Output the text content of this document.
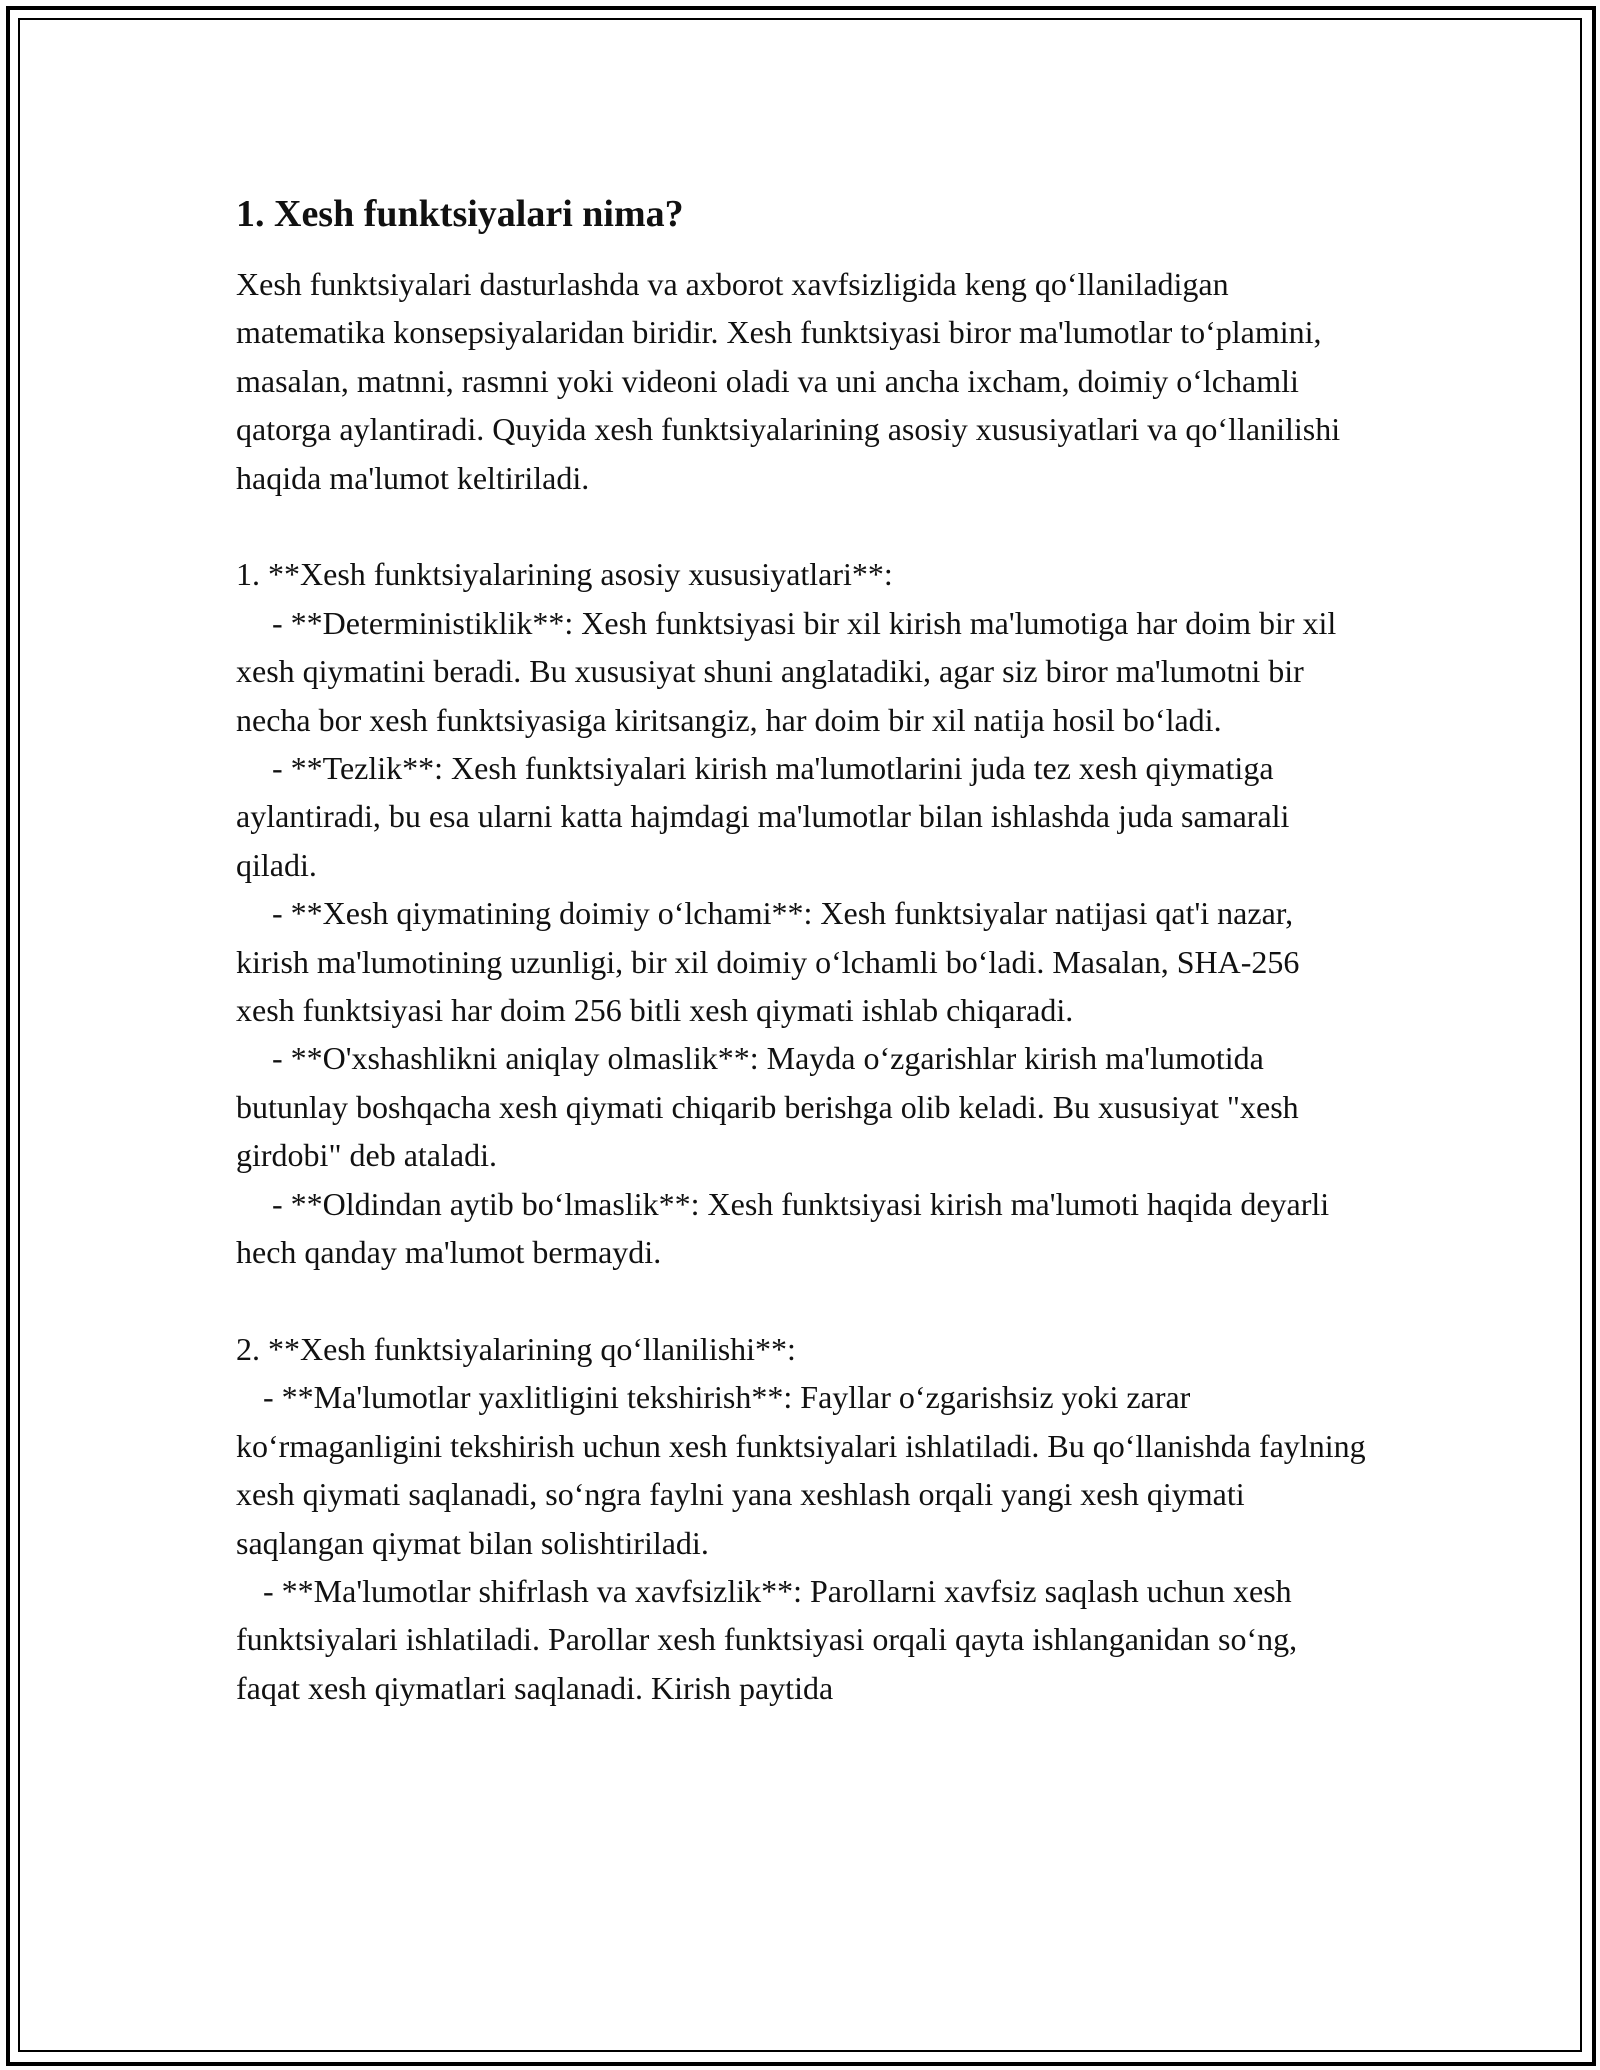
1. Xesh funktsiyalari nima?

Xesh funktsiyalari dasturlashda va axborot xavfsizligida keng qo‘llaniladigan matematika konsepsiyalaridan biridir. Xesh funktsiyasi biror ma'lumotlar to‘plamini, masalan, matnni, rasmni yoki videoni oladi va uni ancha ixcham, doimiy o‘lchamli qatorga aylantiradi. Quyida xesh funktsiyalarining asosiy xususiyatlari va qo‘llanilishi haqida ma'lumot keltiriladi.

1. **Xesh funktsiyalarining asosiy xususiyatlari**:
- **Deterministiklik**: Xesh funktsiyasi bir xil kirish ma'lumotiga har doim bir xil xesh qiymatini beradi. Bu xususiyat shuni anglatadiki, agar siz biror ma'lumotni bir necha bor xesh funktsiyasiga kiritsangiz, har doim bir xil natija hosil bo‘ladi.
- **Tezlik**: Xesh funktsiyalari kirish ma'lumotlarini juda tez xesh qiymatiga aylantiradi, bu esa ularni katta hajmdagi ma'lumotlar bilan ishlashda juda samarali qiladi.
- **Xesh qiymatining doimiy o‘lchami**: Xesh funktsiyalar natijasi qat'i nazar, kirish ma'lumotining uzunligi, bir xil doimiy o‘lchamli bo‘ladi. Masalan, SHA-256 xesh funktsiyasi har doim 256 bitli xesh qiymati ishlab chiqaradi.
- **O'xshashlikni aniqlay olmaslik**: Mayda o‘zgarishlar kirish ma'lumotida butunlay boshqacha xesh qiymati chiqarib berishga olib keladi. Bu xususiyat "xesh girdobi" deb ataladi.
- **Oldindan aytib bo‘lmaslik**: Xesh funktsiyasi kirish ma'lumoti haqida deyarli hech qanday ma'lumot bermaydi.
2. **Xesh funktsiyalarining qo‘llanilishi**:
- **Ma'lumotlar yaxlitligini tekshirish**: Fayllar o‘zgarishsiz yoki zarar ko‘rmaganligini tekshirish uchun xesh funktsiyalari ishlatiladi. Bu qo‘llanishda faylning xesh qiymati saqlanadi, so‘ngra faylni yana xeshlash orqali yangi xesh qiymati saqlangan qiymat bilan solishtiriladi.
- **Ma'lumotlar shifrlash va xavfsizlik**: Parollarni xavfsiz saqlash uchun xesh funktsiyalari ishlatiladi. Parollar xesh funktsiyasi orqali qayta ishlanganidan so‘ng, faqat xesh qiymatlari saqlanadi. Kirish paytida
